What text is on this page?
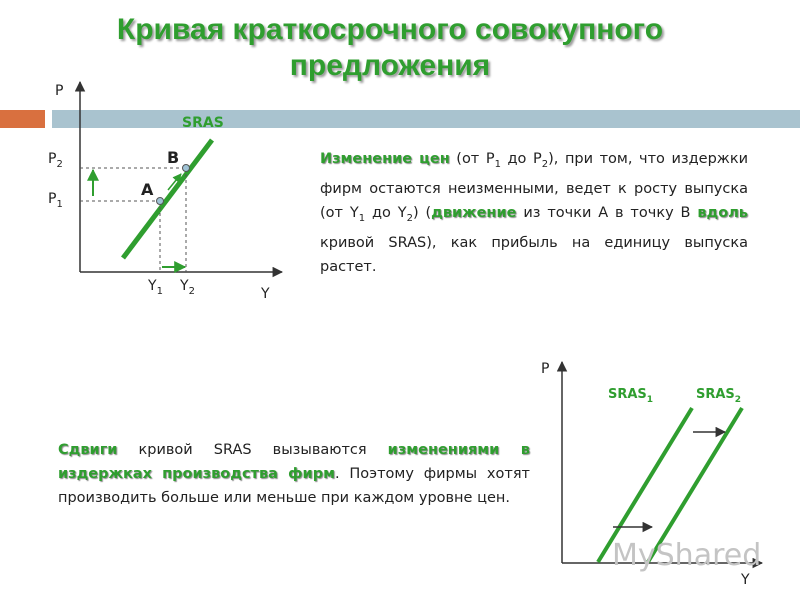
Кривая краткосрочного совокупного
предложения
P
Y
SRAS
$P_2$
$P_1$
$Y_1$ $Y_2$
A
B
P
Y
$SRAS_1$	$SRAS_2$
Изменение цен (от $P_1$ до $P_2$), при том, что издержки фирм остаются неизменными, ведет к росту выпуска (от $Y_1$ до $Y_2$) (движение из точки А в точку В вдоль кривой SRAS), как прибыль на единицу выпуска растет.
Сдвиги кривой SRAS вызываются изменениями в издержках производства фирм. Поэтому фирмы хотят производить больше или меньше при каждом уровне цен.
MyShared
